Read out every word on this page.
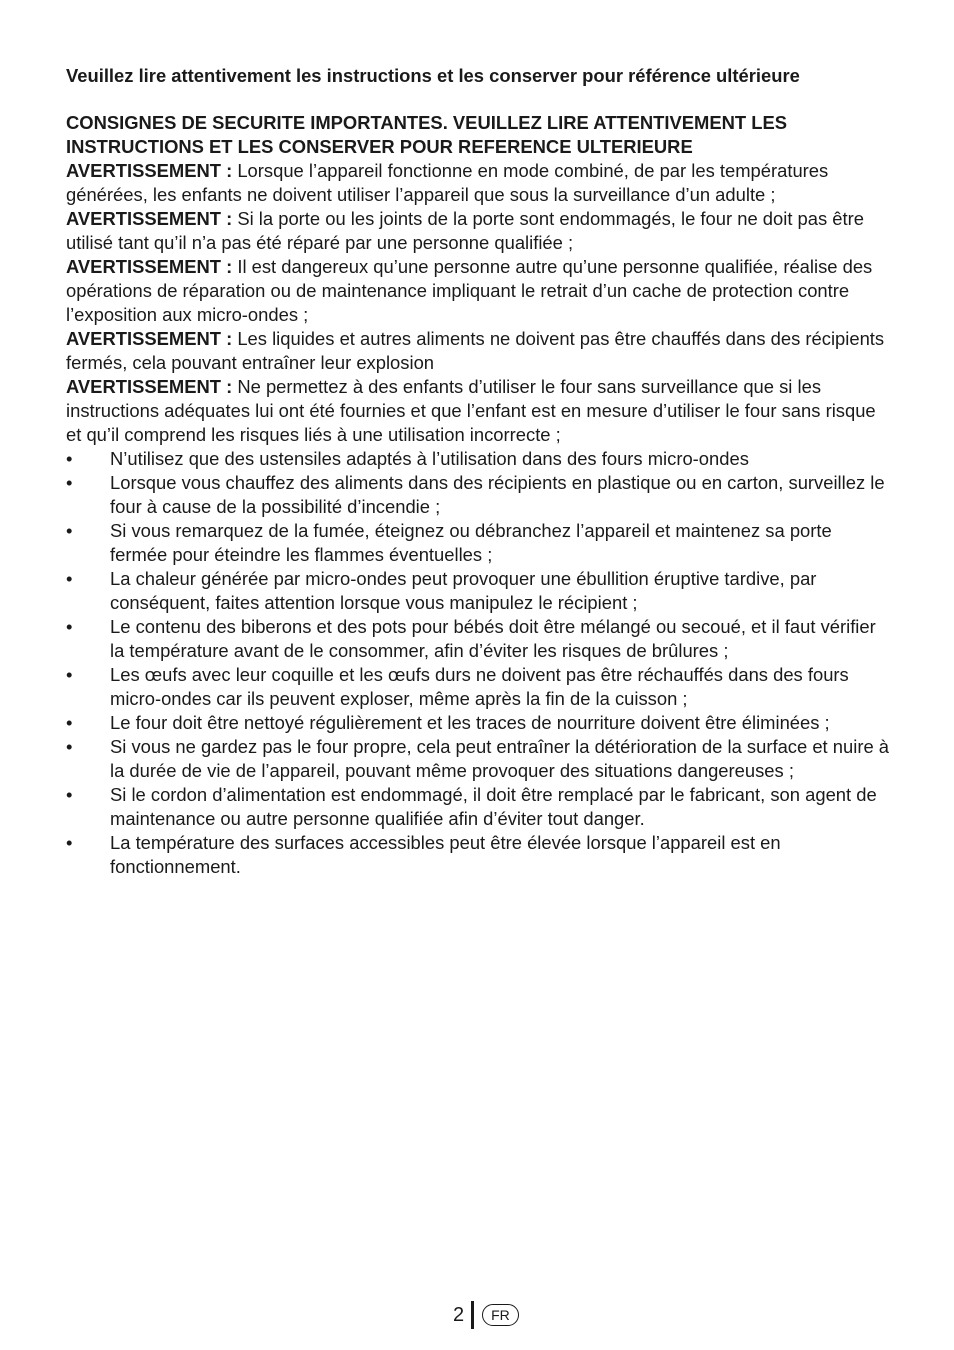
Veuillez lire attentivement les instructions et les conserver pour référence ultérieure

CONSIGNES DE SECURITE IMPORTANTES. VEUILLEZ LIRE ATTENTIVEMENT LES INSTRUCTIONS ET LES CONSERVER POUR REFERENCE ULTERIEURE

AVERTISSEMENT : Lorsque l’appareil fonctionne en mode combiné, de par les températures générées, les enfants ne doivent utiliser l’appareil que sous la surveillance d’un adulte ;

AVERTISSEMENT : Si la porte ou les joints de la porte sont endommagés, le four ne doit pas être utilisé tant qu’il n’a pas été réparé par une personne qualifiée ;

AVERTISSEMENT : Il est dangereux qu’une personne autre qu’une personne qualifiée, réalise des opérations de réparation ou de maintenance impliquant le retrait d’un cache de protection contre l’exposition aux micro-ondes ;

AVERTISSEMENT : Les liquides et autres aliments ne doivent pas être chauffés dans des récipients fermés, cela pouvant entraîner leur explosion

AVERTISSEMENT : Ne permettez à des enfants d’utiliser le four sans surveillance que si les instructions adéquates lui ont été fournies et que l’enfant est en mesure d’utiliser le four sans risque et qu’il comprend les risques liés à une utilisation incorrecte ;

•	N’utilisez que des ustensiles adaptés à l’utilisation dans des fours micro-ondes
•	Lorsque vous chauffez des aliments dans des récipients en plastique ou en carton, surveillez le four à cause de la possibilité d’incendie ;
•	Si vous remarquez de la fumée, éteignez ou débranchez l’appareil et maintenez sa porte fermée pour éteindre les flammes éventuelles ;
•	La chaleur générée par micro-ondes peut provoquer une ébullition éruptive tardive, par conséquent, faites attention lorsque vous manipulez le récipient ;
•	Le contenu des biberons et des pots pour bébés doit être mélangé ou secoué, et il faut vérifier la température avant de le consommer, afin d’éviter les risques de brûlures ;
•	Les œufs avec leur coquille et les œufs durs ne doivent pas être réchauffés dans des fours micro-ondes car ils peuvent exploser, même après la fin de la cuisson ;
•	Le four doit être nettoyé régulièrement et les traces de nourriture doivent être éliminées ;
•	Si vous ne gardez pas le four propre, cela peut entraîner la détérioration de la surface et nuire à la durée de vie de l’appareil, pouvant même provoquer des situations dangereuses ;
•	Si le cordon d’alimentation est endommagé, il doit être remplacé par le fabricant, son agent de maintenance ou autre personne qualifiée afin d’éviter tout danger.
•	La température des surfaces accessibles peut être élevée lorsque l’appareil est en fonctionnement.
2	FR
